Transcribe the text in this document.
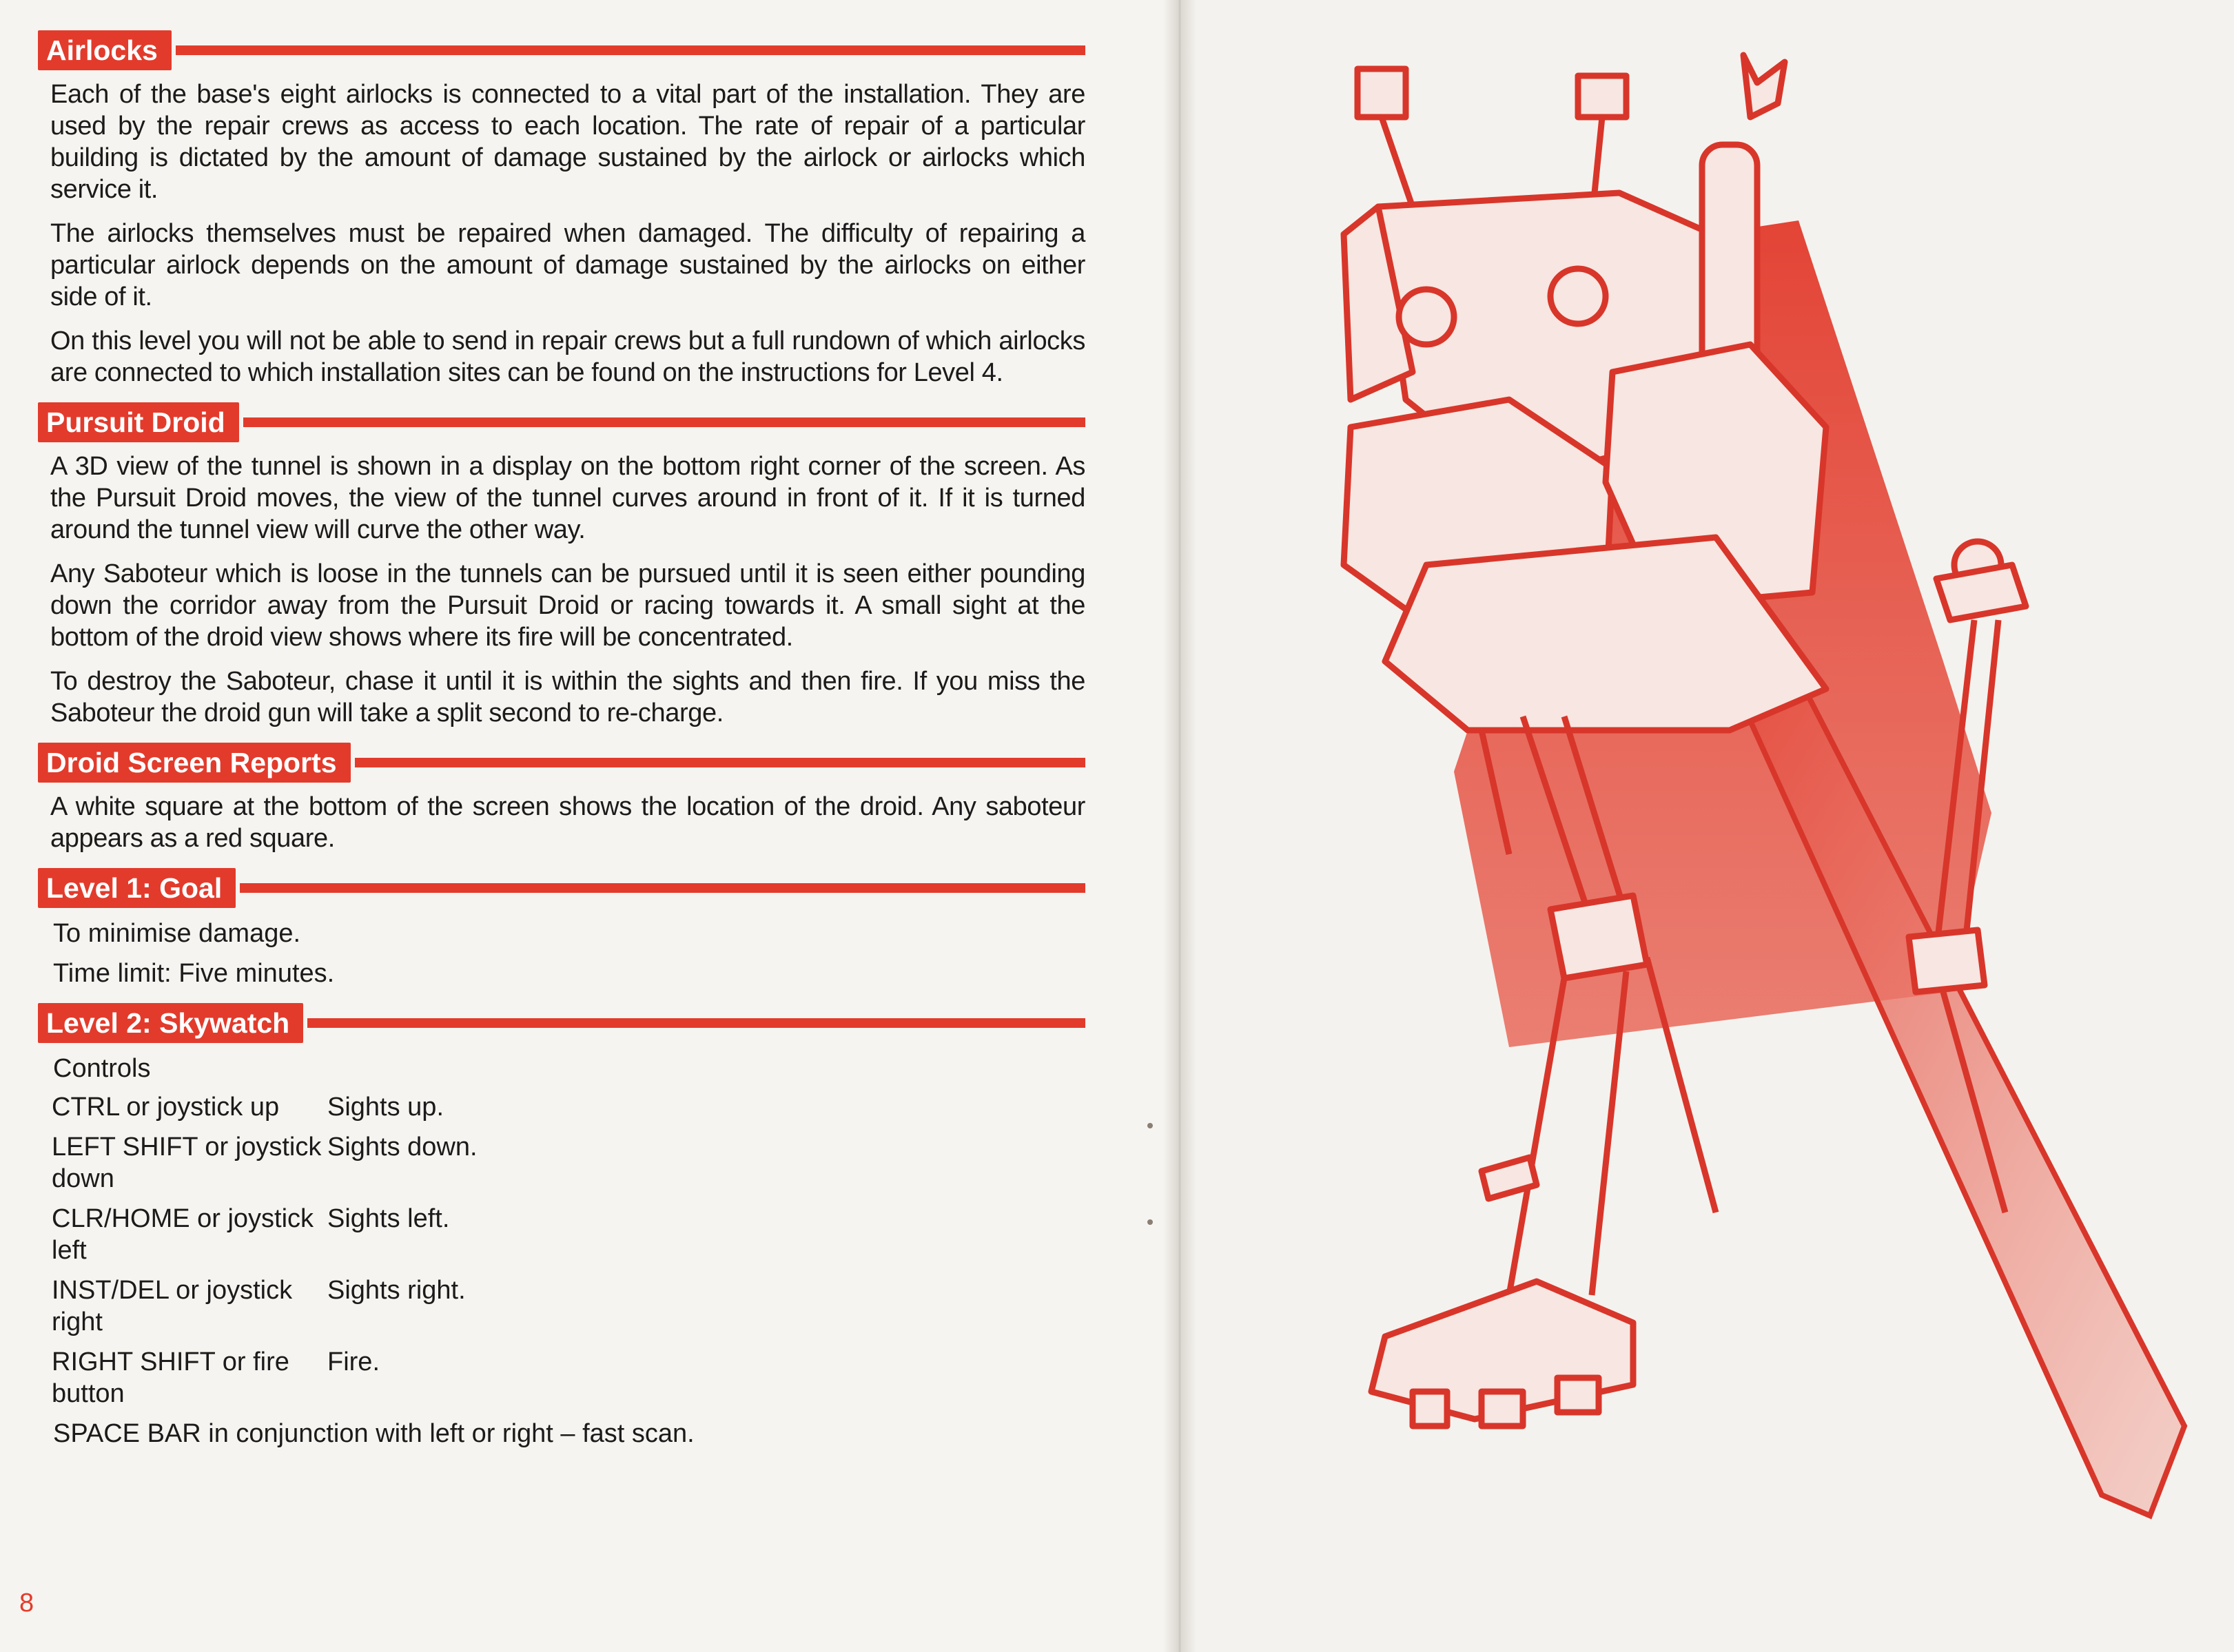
Airlocks

Each of the base's eight airlocks is connected to a vital part of the installation. They are used by the repair crews as access to each location. The rate of repair of a particular building is dictated by the amount of damage sustained by the airlock or airlocks which service it.

The airlocks themselves must be repaired when damaged. The difficulty of repairing a particular airlock depends on the amount of damage sustained by the airlocks on either side of it.

On this level you will not be able to send in repair crews but a full rundown of which airlocks are connected to which installation sites can be found on the instructions for Level 4.

Pursuit Droid

A 3D view of the tunnel is shown in a display on the bottom right corner of the screen. As the Pursuit Droid moves, the view of the tunnel curves around in front of it. If it is turned around the tunnel view will curve the other way.

Any Saboteur which is loose in the tunnels can be pursued until it is seen either pounding down the corridor away from the Pursuit Droid or racing towards it. A small sight at the bottom of the droid view shows where its fire will be concentrated.

To destroy the Saboteur, chase it until it is within the sights and then fire. If you miss the Saboteur the droid gun will take a split second to re-charge.

Droid Screen Reports

A white square at the bottom of the screen shows the location of the droid. Any saboteur appears as a red square.

Level 1: Goal
To minimise damage.
Time limit: Five minutes.
Level 2: Skywatch
Controls
CTRL or joystick up	Sights up.
LEFT SHIFT or joystick down	Sights down.
CLR/HOME or joystick left	Sights left.
INST/DEL or joystick right	Sights right.
RIGHT SHIFT or fire button	Fire.
SPACE BAR in conjunction with left or right – fast scan.
8
